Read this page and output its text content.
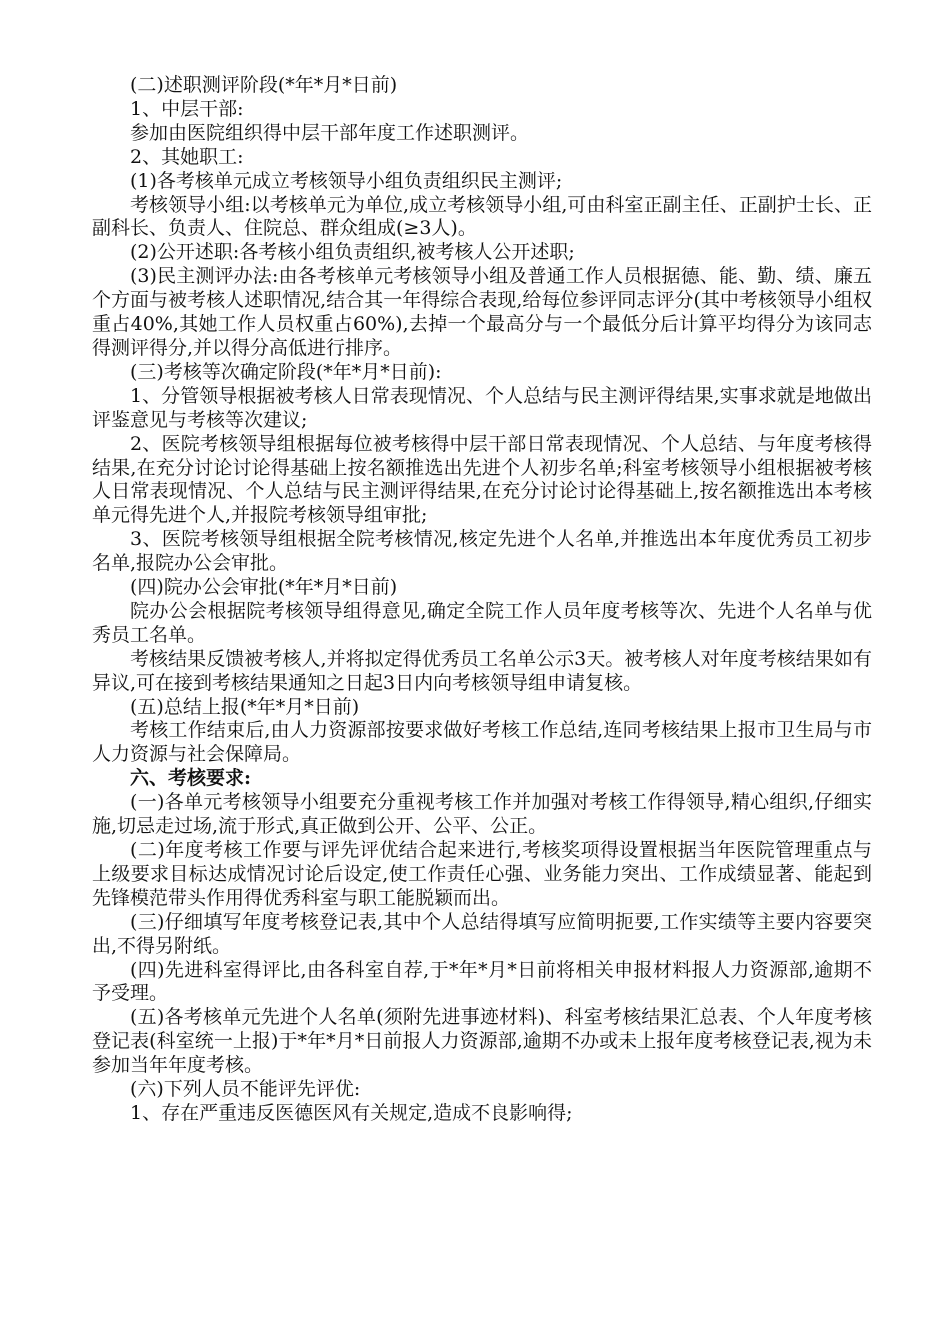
(二)述职测评阶段(*年*月*日前)

1、中层干部:

参加由医院组织得中层干部年度工作述职测评。

2、其她职工:

(1)各考核单元成立考核领导小组负责组织民主测评;

考核领导小组:以考核单元为单位,成立考核领导小组,可由科室正副主任、正副护士长、正副科长、负责人、住院总、群众组成(≥3人)。

(2)公开述职:各考核小组负责组织,被考核人公开述职;

(3)民主测评办法:由各考核单元考核领导小组及普通工作人员根据德、能、勤、绩、廉五个方面与被考核人述职情况,结合其一年得综合表现,给每位参评同志评分(其中考核领导小组权重占40%,其她工作人员权重占60%),去掉一个最高分与一个最低分后计算平均得分为该同志得测评得分,并以得分高低进行排序。

(三)考核等次确定阶段(*年*月*日前):

1、分管领导根据被考核人日常表现情况、个人总结与民主测评得结果,实事求就是地做出评鉴意见与考核等次建议;

2、医院考核领导组根据每位被考核得中层干部日常表现情况、个人总结、与年度考核得结果,在充分讨论讨论得基础上按名额推选出先进个人初步名单;科室考核领导小组根据被考核人日常表现情况、个人总结与民主测评得结果,在充分讨论讨论得基础上,按名额推选出本考核单元得先进个人,并报院考核领导组审批;

3、医院考核领导组根据全院考核情况,核定先进个人名单,并推选出本年度优秀员工初步名单,报院办公会审批。

(四)院办公会审批(*年*月*日前)

院办公会根据院考核领导组得意见,确定全院工作人员年度考核等次、先进个人名单与优秀员工名单。

考核结果反馈被考核人,并将拟定得优秀员工名单公示3天。被考核人对年度考核结果如有异议,可在接到考核结果通知之日起3日内向考核领导组申请复核。

(五)总结上报(*年*月*日前)

考核工作结束后,由人力资源部按要求做好考核工作总结,连同考核结果上报市卫生局与市人力资源与社会保障局。

六、考核要求:

(一)各单元考核领导小组要充分重视考核工作并加强对考核工作得领导,精心组织,仔细实施,切忌走过场,流于形式,真正做到公开、公平、公正。

(二)年度考核工作要与评先评优结合起来进行,考核奖项得设置根据当年医院管理重点与上级要求目标达成情况讨论后设定,使工作责任心强、业务能力突出、工作成绩显著、能起到先锋模范带头作用得优秀科室与职工能脱颖而出。

(三)仔细填写年度考核登记表,其中个人总结得填写应简明扼要,工作实绩等主要内容要突出,不得另附纸。

(四)先进科室得评比,由各科室自荐,于*年*月*日前将相关申报材料报人力资源部,逾期不予受理。

(五)各考核单元先进个人名单(须附先进事迹材料)、科室考核结果汇总表、个人年度考核登记表(科室统一上报)于*年*月*日前报人力资源部,逾期不办或未上报年度考核登记表,视为未参加当年年度考核。

(六)下列人员不能评先评优:

1、存在严重违反医德医风有关规定,造成不良影响得;
